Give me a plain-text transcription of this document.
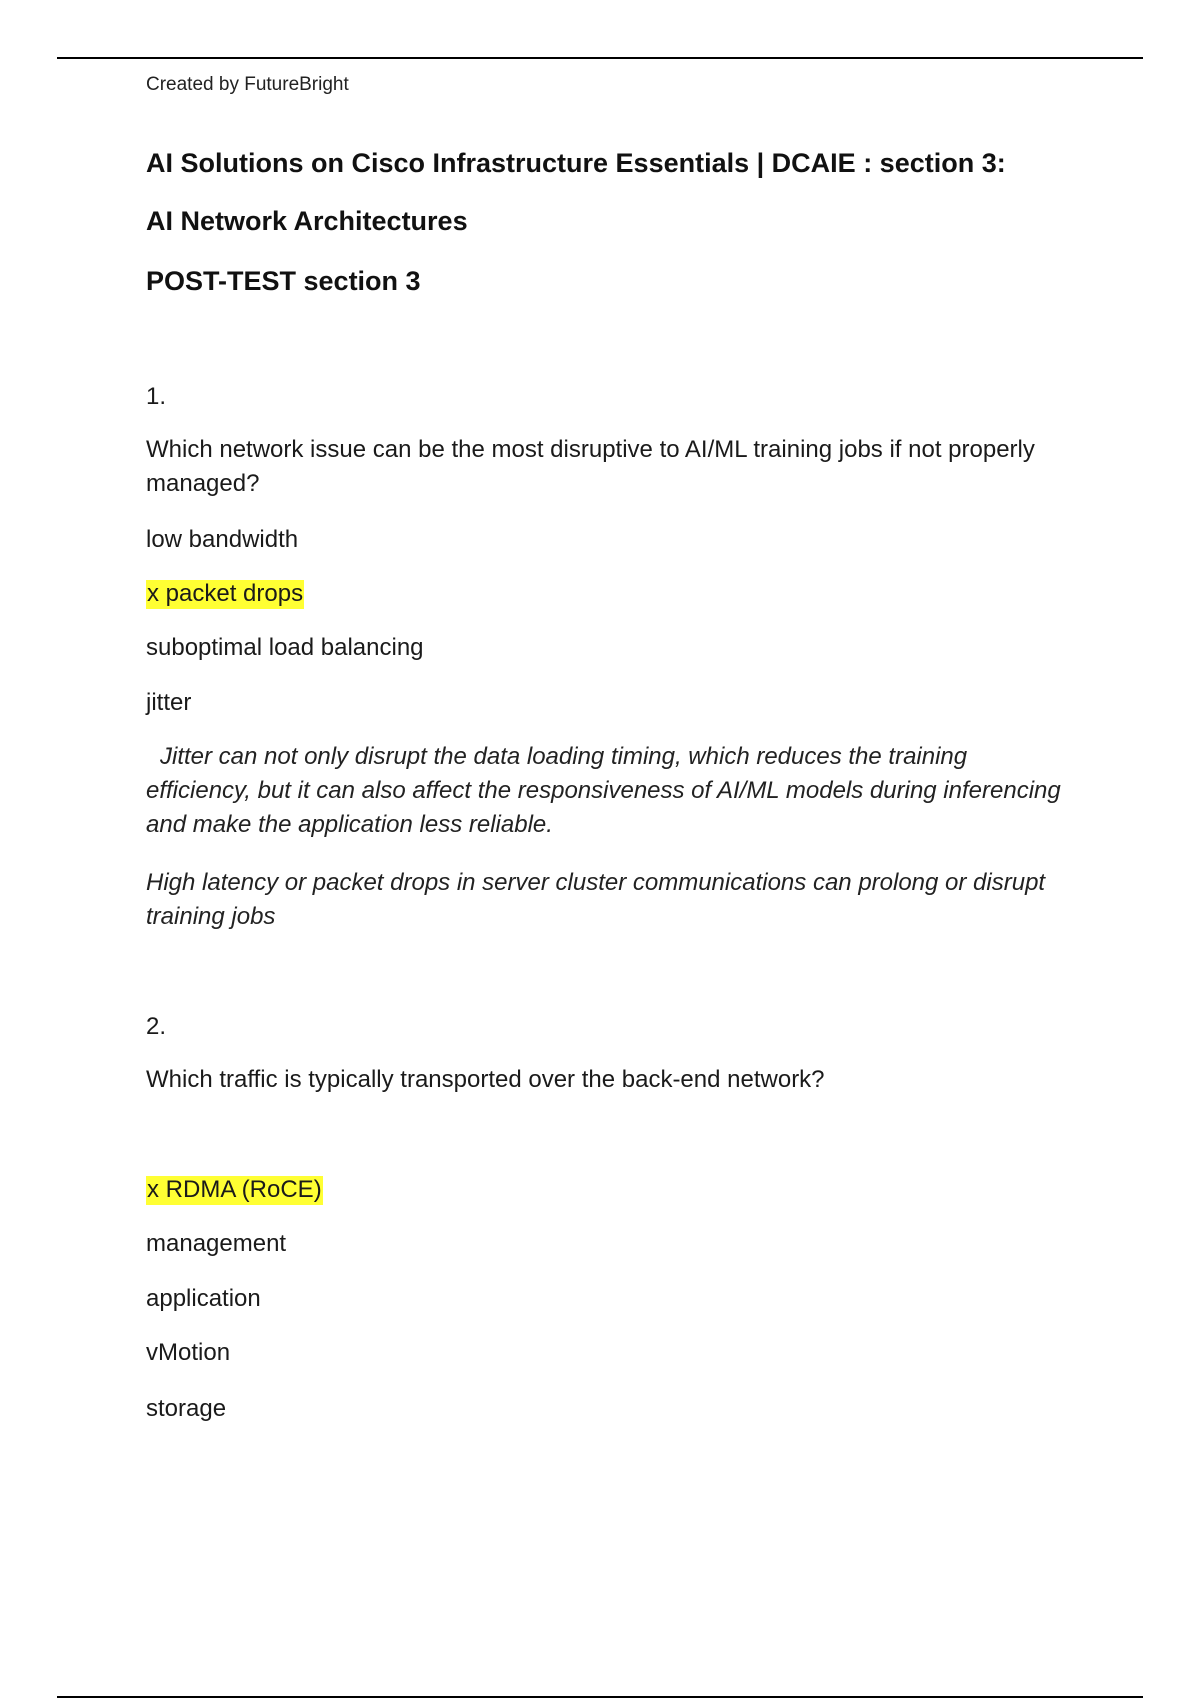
Created by FutureBright

AI Solutions on Cisco Infrastructure Essentials | DCAIE : section 3:
AI Network Architectures
POST-TEST section 3

1.

Which network issue can be the most disruptive to AI/ML training jobs if not properly managed?

low bandwidth

x packet drops

suboptimal load balancing

jitter

Jitter can not only disrupt the data loading timing, which reduces the training efficiency, but it can also affect the responsiveness of AI/ML models during inferencing and make the application less reliable.

High latency or packet drops in server cluster communications can prolong or disrupt training jobs

2.

Which traffic is typically transported over the back-end network?

x RDMA (RoCE)

management

application

vMotion

storage
